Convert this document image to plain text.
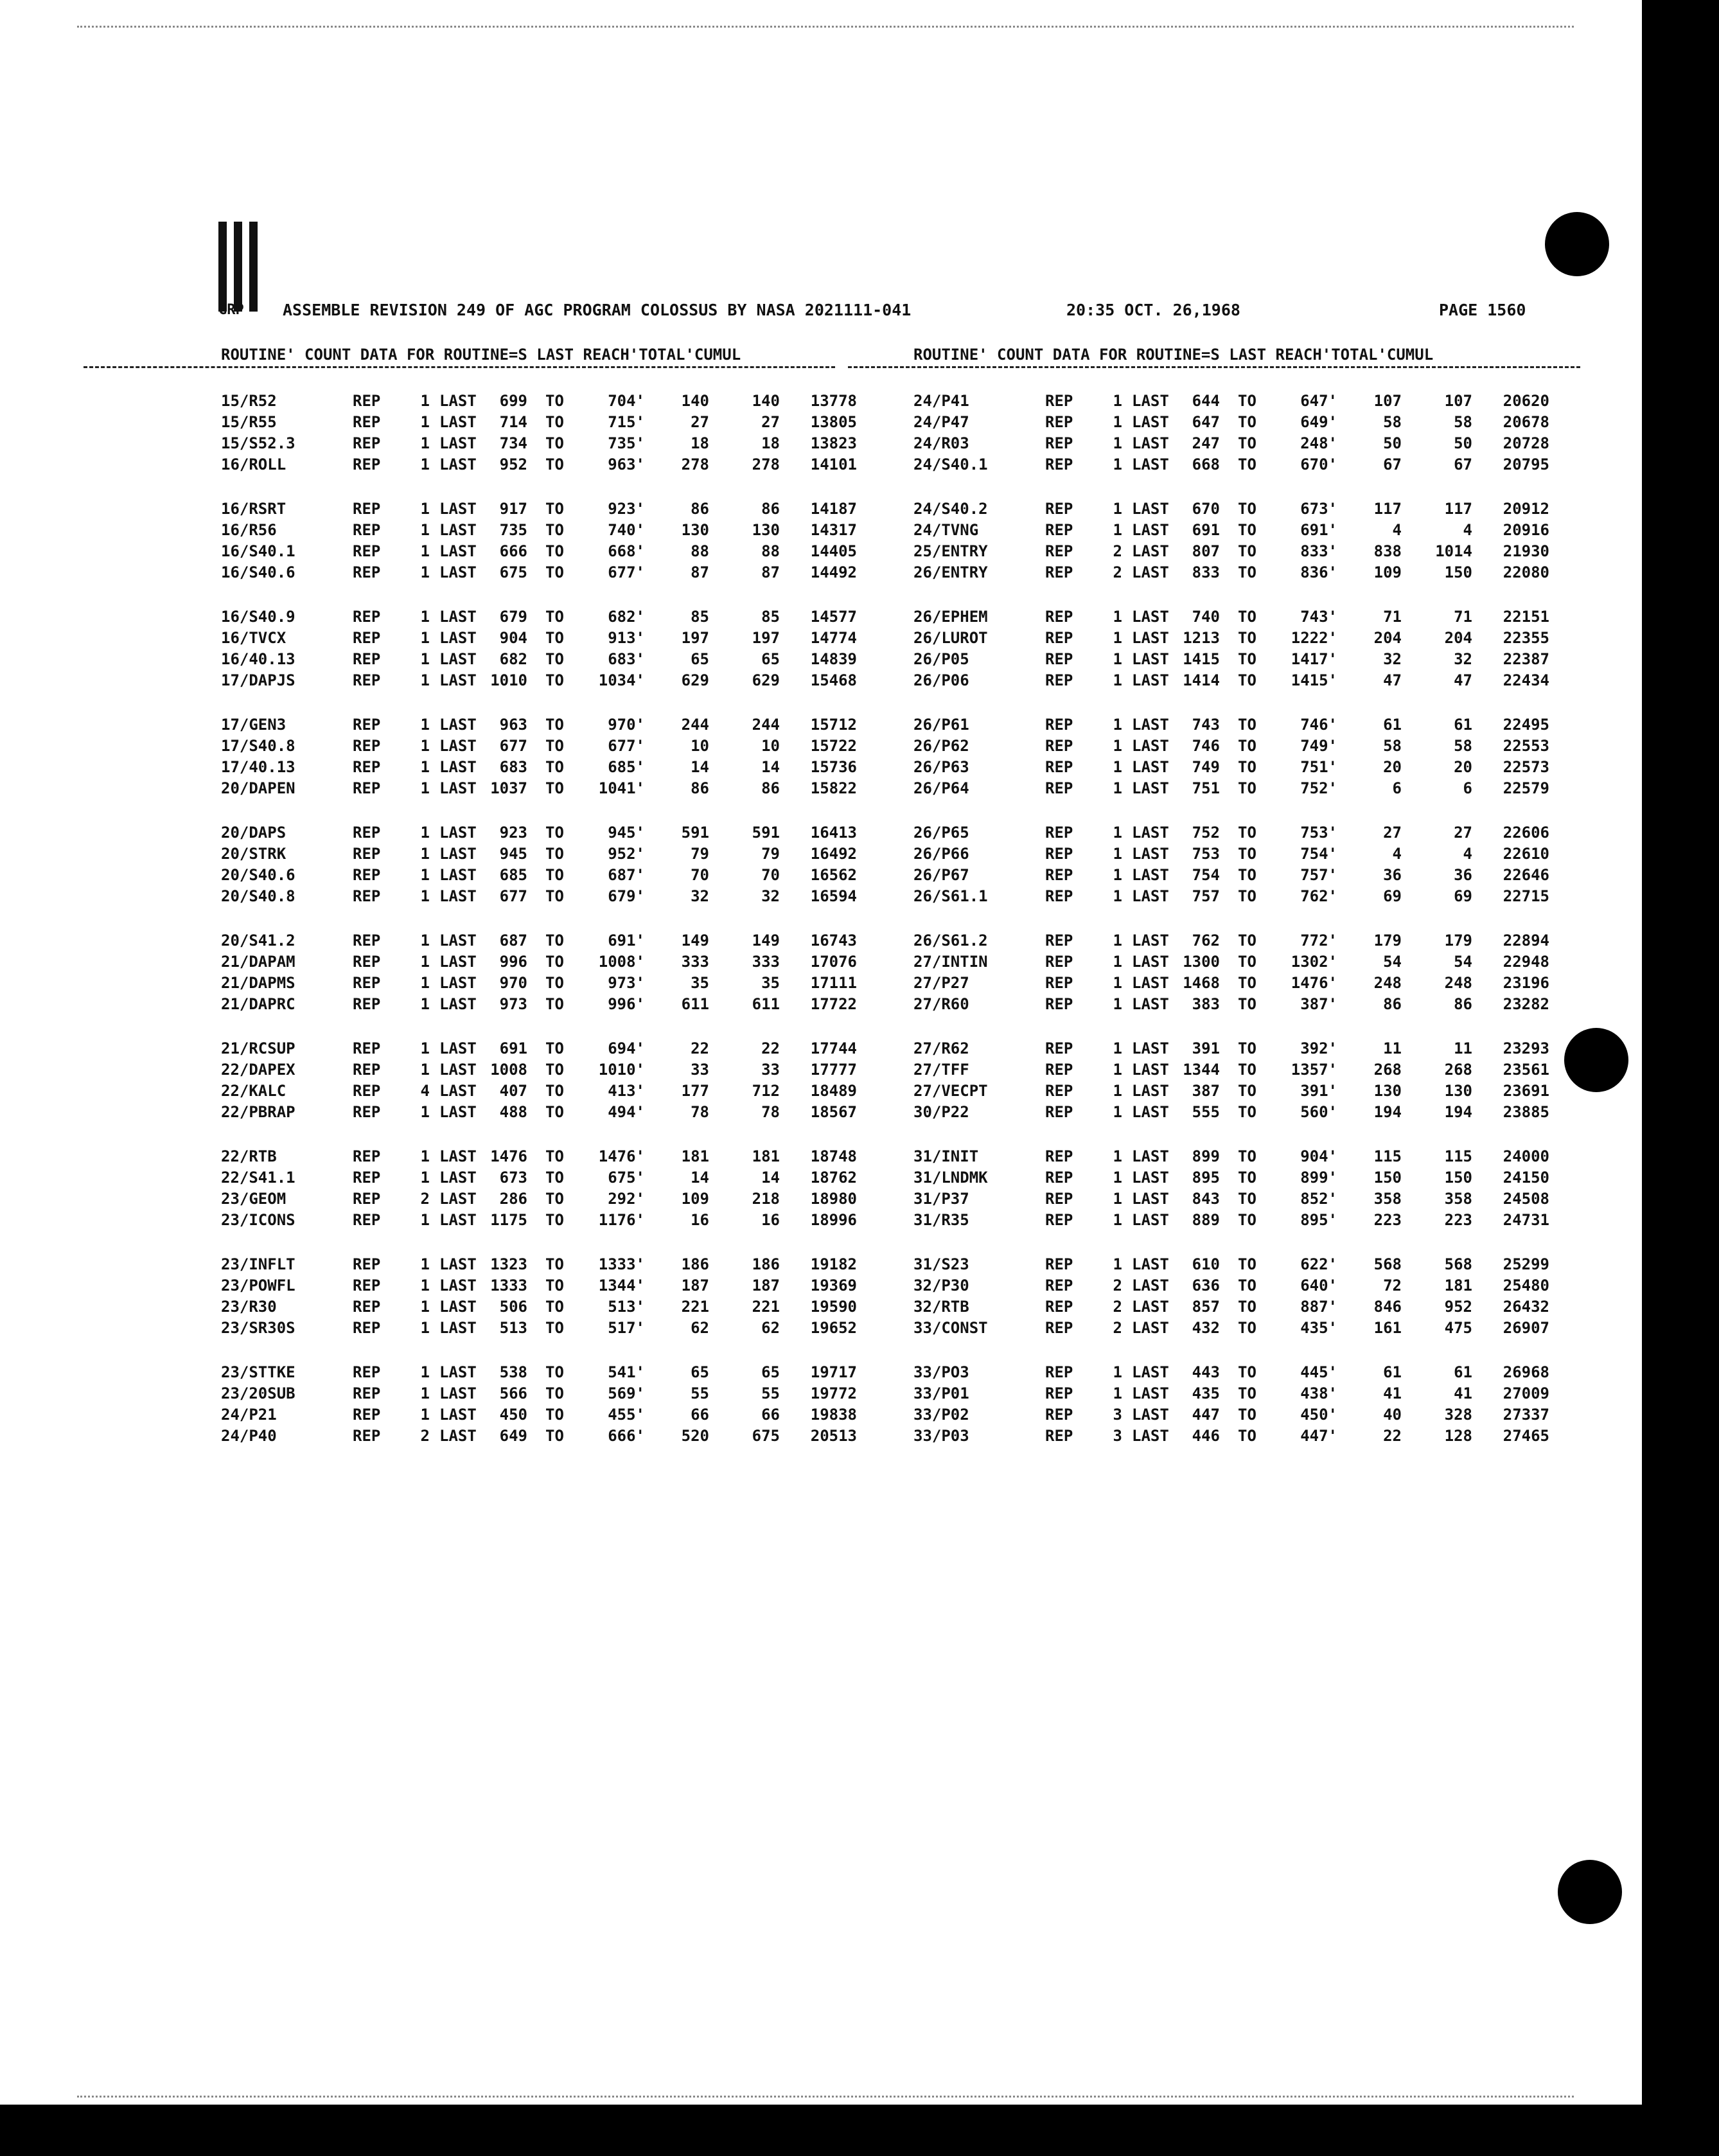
ASSEMBLE REVISION 249 OF AGC PROGRAM COLOSSUS BY NASA 2021111-041	20:35 OCT. 26,1968	PAGE 1560
GRP
ROUTINE' COUNT DATA FOR ROUTINE=S LAST REACH'TOTAL'CUMUL	ROUTINE' COUNT DATA FOR ROUTINE=S LAST REACH'TOTAL'CUMUL
15/R52	REP	1 LAST	699 TO	704'	140	140	13778
15/R55	REP	1 LAST	714 TO	715'	27	27	13805
15/S52.3	REP	1 LAST	734 TO	735'	18	18	13823
16/ROLL	REP	1 LAST	952 TO	963'	278	278	14101
16/RSRT	REP	1 LAST	917 TO	923'	86	86	14187
16/R56	REP	1 LAST	735 TO	740'	130	130	14317
16/S40.1	REP	1 LAST	666 TO	668'	88	88	14405
16/S40.6	REP	1 LAST	675 TO	677'	87	87	14492
16/S40.9	REP	1 LAST	679 TO	682'	85	85	14577
16/TVCX	REP	1 LAST	904 TO	913'	197	197	14774
16/40.13	REP	1 LAST	682 TO	683'	65	65	14839
17/DAPJS	REP	1 LAST 1010 TO	1034'	629	629	15468
17/GEN3	REP	1 LAST	963 TO	970'	244	244	15712
17/S40.8	REP	1 LAST	677 TO	677'	10	10	15722
17/40.13	REP	1 LAST	683 TO	685'	14	14	15736
20/DAPEN	REP	1 LAST 1037 TO	1041'	86	86	15822
20/DAPS	REP	1 LAST	923 TO	945'	591	591	16413
20/STRK	REP	1 LAST	945 TO	952'	79	79	16492
20/S40.6	REP	1 LAST	685 TO	687'	70	70	16562
20/S40.8	REP	1 LAST	677 TO	679'	32	32	16594
20/S41.2	REP	1 LAST	687 TO	691'	149	149	16743
21/DAPAM	REP	1 LAST	996 TO	1008'	333	333	17076
21/DAPMS	REP	1 LAST	970 TO	973'	35	35	17111
21/DAPRC	REP	1 LAST	973 TO	996'	611	611	17722
21/RCSUP	REP	1 LAST	691 TO	694'	22	22	17744
22/DAPEX	REP	1 LAST 1008 TO	1010'	33	33	17777
22/KALC	REP	4 LAST	407 TO	413'	177	712	18489
22/PBRAP	REP	1 LAST	488 TO	494'	78	78	18567
22/RTB	REP	1 LAST 1476 TO	1476'	181	181	18748
22/S41.1	REP	1 LAST	673 TO	675'	14	14	18762
23/GEOM	REP	2 LAST	286 TO	292'	109	218	18980
23/ICONS	REP	1 LAST 1175 TO	1176'	16	16	18996
23/INFLT	REP	1 LAST 1323 TO	1333'	186	186	19182
23/POWFL	REP	1 LAST 1333 TO	1344'	187	187	19369
23/R30	REP	1 LAST	506 TO	513'	221	221	19590
23/SR30S	REP	1 LAST	513 TO	517'	62	62	19652
23/STTKE	REP	1 LAST	538 TO	541'	65	65	19717
23/20SUB	REP	1 LAST	566 TO	569'	55	55	19772
24/P21	REP	1 LAST	450 TO	455'	66	66	19838
24/P40	REP	2 LAST	649 TO	666'	520	675	20513
24/P41	REP	1 LAST	644 TO	647'	107	107	20620
24/P47	REP	1 LAST	647 TO	649'	58	58	20678
24/R03	REP	1 LAST	247 TO	248'	50	50	20728
24/S40.1	REP	1 LAST	668 TO	670'	67	67	20795
24/S40.2	REP	1 LAST	670 TO	673'	117	117	20912
24/TVNG	REP	1 LAST	691 TO	691'	4	4	20916
25/ENTRY	REP	2 LAST	807 TO	833'	838	1014	21930
26/ENTRY	REP	2 LAST	833 TO	836'	109	150	22080
26/EPHEM	REP	1 LAST	740 TO	743'	71	71	22151
26/LUROT	REP	1 LAST 1213 TO	1222'	204	204	22355
26/P05	REP	1 LAST 1415 TO	1417'	32	32	22387
26/P06	REP	1 LAST 1414 TO	1415'	47	47	22434
26/P61	REP	1 LAST	743 TO	746'	61	61	22495
26/P62	REP	1 LAST	746 TO	749'	58	58	22553
26/P63	REP	1 LAST	749 TO	751'	20	20	22573
26/P64	REP	1 LAST	751 TO	752'	6	6	22579
26/P65	REP	1 LAST	752 TO	753'	27	27	22606
26/P66	REP	1 LAST	753 TO	754'	4	4	22610
26/P67	REP	1 LAST	754 TO	757'	36	36	22646
26/S61.1	REP	1 LAST	757 TO	762'	69	69	22715
26/S61.2	REP	1 LAST	762 TO	772'	179	179	22894
27/INTIN	REP	1 LAST 1300 TO	1302'	54	54	22948
27/P27	REP	1 LAST 1468 TO	1476'	248	248	23196
27/R60	REP	1 LAST	383 TO	387'	86	86	23282
27/R62	REP	1 LAST	391 TO	392'	11	11	23293
27/TFF	REP	1 LAST 1344 TO	1357'	268	268	23561
27/VECPT	REP	1 LAST	387 TO	391'	130	130	23691
30/P22	REP	1 LAST	555 TO	560'	194	194	23885
31/INIT	REP	1 LAST	899 TO	904'	115	115	24000
31/LNDMK	REP	1 LAST	895 TO	899'	150	150	24150
31/P37	REP	1 LAST	843 TO	852'	358	358	24508
31/R35	REP	1 LAST	889 TO	895'	223	223	24731
31/S23	REP	1 LAST	610 TO	622'	568	568	25299
32/P30	REP	2 LAST	636 TO	640'	72	181	25480
32/RTB	REP	2 LAST	857 TO	887'	846	952	26432
33/CONST	REP	2 LAST	432 TO	435'	161	475	26907
33/PO3	REP	1 LAST	443 TO	445'	61	61	26968
33/P01	REP	1 LAST	435 TO	438'	41	41	27009
33/P02	REP	3 LAST	447 TO	450'	40	328	27337
33/P03	REP	3 LAST	446 TO	447'	22	128	27465
